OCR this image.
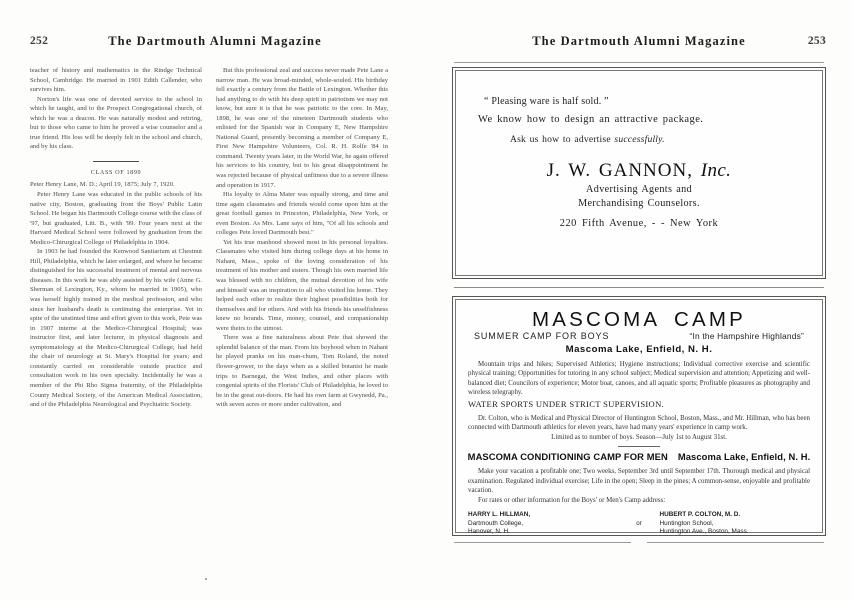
252	The Dartmouth Alumni Magazine

teacher of history and mathematics in the Rindge Technical School, Cambridge. He married in 1901 Edith Callender, who survives him.

Norton's life was one of devoted service to the school in which he taught, and to the Prospect Congregational church, of which he was a deacon. He was naturally modest and retiring, but to those who came to him he proved a wise counselor and a true friend. His loss will be deeply felt in the school and church, and by his class.

CLASS OF 1899
Peter Henry Lane, M. D.; April 19, 1875; July 7, 1920.

Peter Henry Lane was educated in the public schools of his native city, Boston, graduating from the Boys' Public Latin School. He began his Dartmouth College course with the class of '97, but graduated, Litt. B., with '99. Four years next at the Harvard Medical School were followed by graduation from the Medico-Chirurgical College of Philadelphia in 1904.

In 1903 he had founded the Kenwood Sanitarium at Chestnut Hill, Philadelphia, which he later enlarged, and where he became distinguished for his successful treatment of mental and nervous diseases. In this work he was ably assisted by his wife (Anne G. Sherman of Lexington, Ky., whom he married in 1905), who was herself highly trained in the medical profession, and who since her husband's death is continuing the enterprise. Yet in spite of the unstinted time and effort given to this work, Pete was in 1907 interne at the Medico-Chirurgical Hospital; was instructor first, and later lecturer, in physical diagnosis and symptomatology at the Medico-Chirurgical College; had held the chair of neurology at St. Mary's Hospital for years; and constantly carried on considerable outside practice and consultation work in his own specialty. Incidentally he was a member of the Phi Rho Sigma fraternity, of the Philadelphia County Medical Society, of the American Medical Association, and of the Philadelphia Neurological and Psychiatric Society.

But this professional zeal and success never made Pete Lane a narrow man. He was broad-minded, whole-souled. His birthday fell exactly a century from the Battle of Lexington. Whether this had anything to do with his deep spirit in patriotism we may not know, but sure it is that he was patriotic to the core. In May, 1898, he was one of the nineteen Dartmouth students who enlisted for the Spanish war in Company E, New Hampshire National Guard, presently becoming a member of Company E, First New Hampshire Volunteers, Col. R. H. Rolfe '84 in command. Twenty years later, in the World War, he again offered his services to his country, but to his great disappointment he was rejected because of physical unfitness due to a severe illness and operation in 1917.

His loyalty to Alma Mater was equally strong, and time and time again classmates and friends would come upon him at the great football games in Princeton, Philadelphia, New York, or even Boston. As Mrs. Lane says of him, "Of all his schools and colleges Pete loved Dartmouth best."

Yet his true manhood showed most in his personal loyalties. Classmates who visited him during college days at his home in Nahant, Mass., spoke of the loving consideration of his treatment of his mother and sisters. Though his own married life was blessed with no children, the mutual devotion of his wife and himself was an inspiration to all who visited his home. They helped each other to realize their highest possibilities both for themselves and for others. And with his friends his unselfishness knew no bounds. Time, money, counsel, and companionship were theirs to the utmost.

There was a fine naturalness about Pete that showed the splendid balance of the man. From his boyhood when in Nahant he played pranks on his man-chum, Tom Roland, the noted flower-grower, to the days when as a skilled botanist he made trips to Barnegat, the West Indies, and other places with congenial spirits of the Florists' Club of Philadelphia, he loved to be in the great out-doors. He had his own farm at Gwynedd, Pa., with seven acres or more under cultivation, and

The Dartmouth Alumni Magazine	253
“ Pleasing ware is half sold. ”
We know how to design an attractive package.
Ask us how to advertise successfully.
J. W. GANNON, Inc.
Advertising Agents and
Merchandising Counselors.
220 Fifth Avenue, - - New York
MASCOMA CAMP
SUMMER CAMP FOR BOYS	“In the Hampshire Highlands”
Mascoma Lake, Enfield, N. H.

Mountain trips and hikes; Supervised Athletics; Hygiene instructions; Individual corrective exercise and scientific physical training; Opportunities for tutoring in any school subject; Medical supervision and attention; Appetizing and well-balanced diet; Councilors of experience; Motor boat, canoes, and all aquatic sports; Profitable pleasures as photography and wireless telegraphy.

WATER SPORTS UNDER STRICT SUPERVISION.

Dr. Colton, who is Medical and Physical Director of Huntington School, Boston, Mass., and Mr. Hillman, who has been connected with Dartmouth athletics for eleven years, have had many years' experience in camp work.

Limited as to number of boys. Season—July 1st to August 31st.
MASCOMA CONDITIONING CAMP FOR MEN Mascoma Lake, Enfield, N. H.

Make your vacation a profitable one; Two weeks, September 3rd until September 17th. Thorough medical and physical examination. Regulated individual exercise; Life in the open; Sleep in the pines; A common-sense, enjoyable and profitable vacation.

For rates or other information for the Boys' or Men's Camp address:

HARRY L. HILLMAN,
Dartmouth College,
Hanover, N. H.
or
HUBERT P. COLTON, M. D.
Huntington School,
Huntington Ave., Boston, Mass.
